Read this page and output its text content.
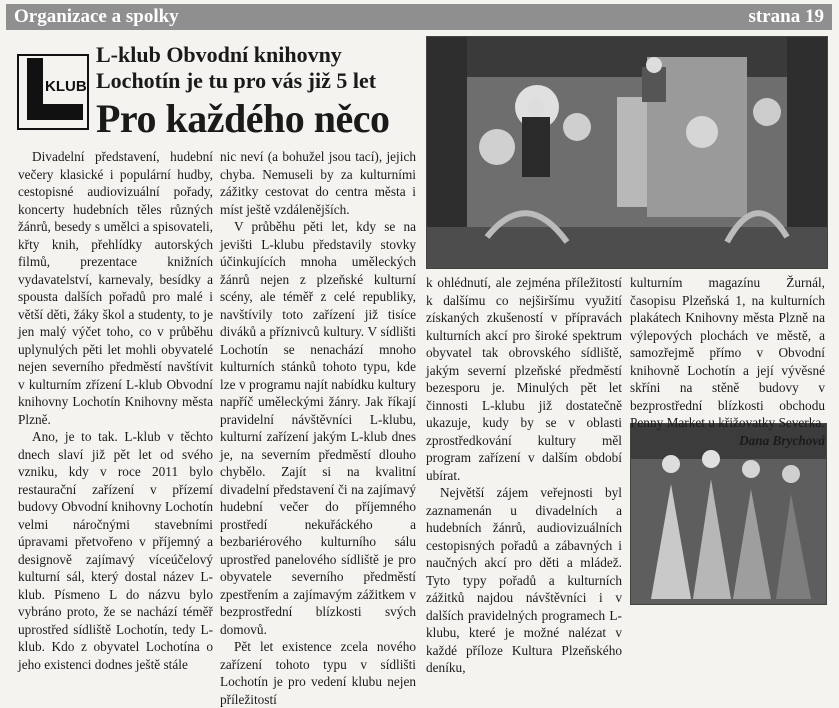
Organizace a spolky	strana 19
KLUB
L-klub Obvodní knihovny
Lochotín je tu pro vás již 5 let
Pro každého něco

Divadelní představení, hudební večery klasické i populární hudby, cestopisné audiovizuální pořady, koncerty hudebních těles různých žánrů, besedy s umělci a spisovateli, křty knih, přehlídky autorských filmů, prezentace knižních vydavatelství, karnevaly, besídky a spousta dalších pořadů pro malé i větší děti, žáky škol a studenty, to je jen malý výčet toho, co v průběhu uplynulých pěti let mohli obyvatelé nejen severního předměstí navštívit v kulturním zřízení L-klub Obvodní knihovny Lochotín Knihovny města Plzně.

Ano, je to tak. L-klub v těchto dnech slaví již pět let od svého vzniku, kdy v roce 2011 bylo restaurační zařízení v přízemí budovy Obvodní knihovny Lochotín velmi náročnými stavebními úpravami přetvořeno v příjemný a designově zajímavý víceúčelový kulturní sál, který dostal název L-klub. Písmeno L do názvu bylo vybráno proto, že se nachází téměř uprostřed sídliště Lochotín, tedy L-klub. Kdo z obyvatel Lochotína o jeho existenci dodnes ještě stále

nic neví (a bohužel jsou tací), jejich chyba. Nemuseli by za kulturními zážitky cestovat do centra města i míst ještě vzdálenějších.

V průběhu pěti let, kdy se na jevišti L-klubu představily stovky účinkujících mnoha uměleckých žánrů nejen z plzeňské kulturní scény, ale téměř z celé republiky, navštívily toto zařízení již tisíce diváků a příznivců kultury. V sídlišti Lochotín se nenachází mnoho kulturních stánků tohoto typu, kde lze v programu najít nabídku kultury napříč uměleckými žánry. Jak říkají pravidelní návštěvníci L-klubu, kulturní zařízení jakým L-klub dnes je, na severním předměstí dlouho chybělo. Zajít si na kvalitní divadelní představení či na zajímavý hudební večer do příjemného prostředí nekuřáckého a bezbariérového kulturního sálu uprostřed panelového sídliště je pro obyvatele severního předměstí zpestřením a zajímavým zážitkem v bezprostřední blízkosti svých domovů.

Pět let existence zcela nového zařízení tohoto typu v sídlišti Lochotín je pro vedení klubu nejen příležitostí

k ohlédnutí, ale zejména příležitostí k dalšímu co nejširšímu využití získaných zkušeností v přípravách kulturních akcí pro široké spektrum obyvatel tak obrovského sídliště, jakým severní plzeňské předměstí bezesporu je. Minulých pět let činnosti L-klubu již dostatečně ukazuje, kudy by se v oblasti zprostředkování kultury měl program zařízení v dalším období ubírat.

Největší zájem veřejnosti byl zaznamenán u divadelních a hudebních žánrů, audiovizuálních cestopisných pořadů a zábavných i naučných akcí pro děti a mládež. Tyto typy pořadů a kulturních zážitků najdou návštěvníci i v dalších pravidelných programech L-klubu, které je možné nalézat v každé příloze Kultura Plzeňského deníku,

kulturním magazínu Žurnál, časopisu Plzeňská 1, na kulturních plakátech Knihovny města Plzně na výlepových plochách ve městě, a samozřejmě přímo v Obvodní knihovně Lochotín a její vývěsné skříni na stěně budovy v bezprostřední blízkosti obchodu Penny Market u křižovatky Severka.

Dana Brychová
